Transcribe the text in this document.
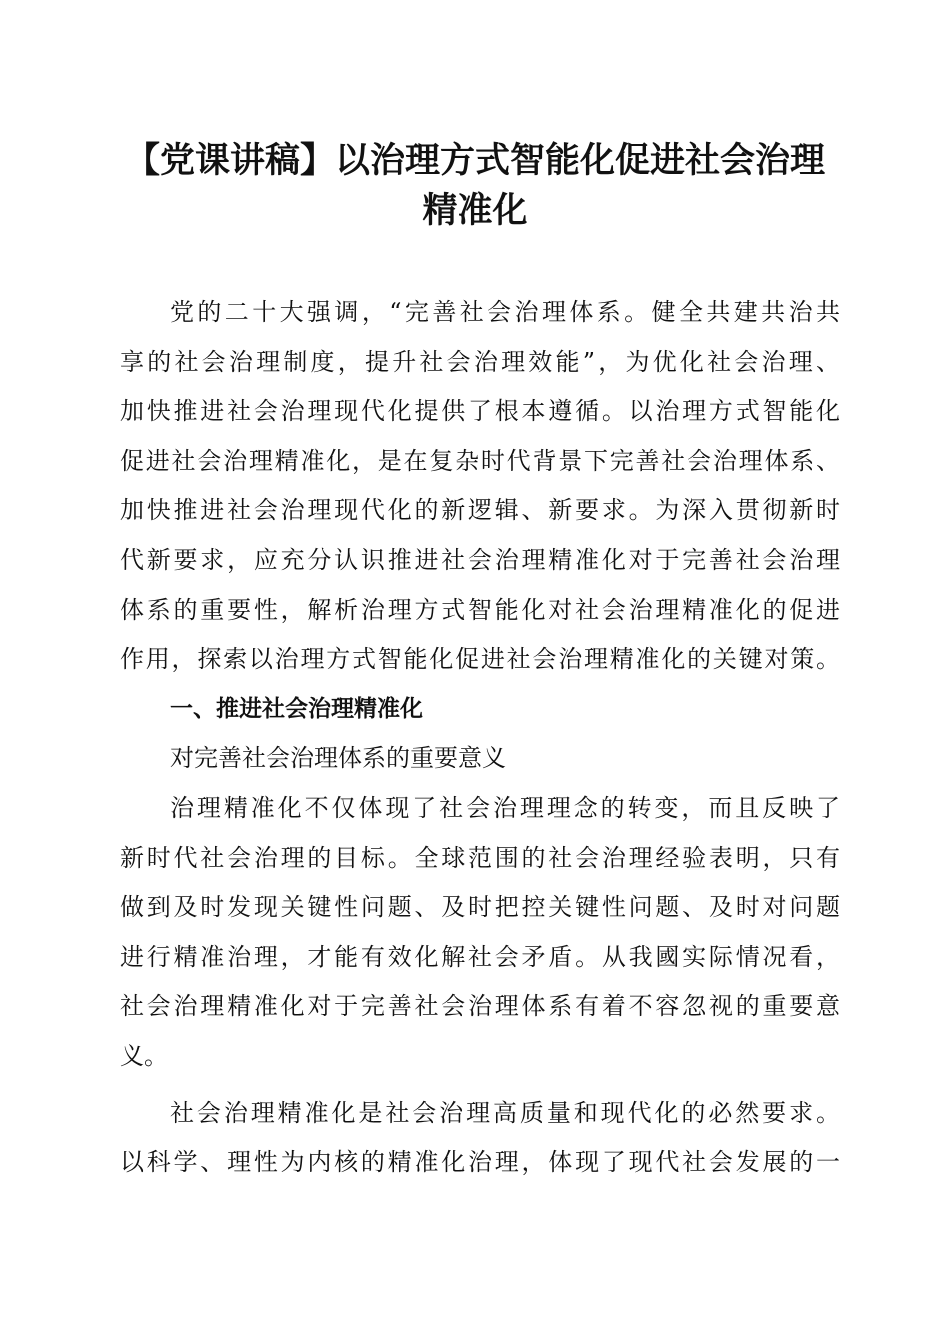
【党课讲稿】以治理方式智能化促进社会治理
精准化
党的二十大强调，“完善社会治理体系。健全共建共治共
享的社会治理制度，提升社会治理效能”，为优化社会治理、
加快推进社会治理现代化提供了根本遵循。以治理方式智能化
促进社会治理精准化，是在复杂时代背景下完善社会治理体系、
加快推进社会治理现代化的新逻辑、新要求。为深入贯彻新时
代新要求，应充分认识推进社会治理精准化对于完善社会治理
体系的重要性，解析治理方式智能化对社会治理精准化的促进
作用，探索以治理方式智能化促进社会治理精准化的关键对策。
一、推进社会治理精准化
对完善社会治理体系的重要意义
治理精准化不仅体现了社会治理理念的转变，而且反映了
新时代社会治理的目标。全球范围的社会治理经验表明，只有
做到及时发现关键性问题、及时把控关键性问题、及时对问题
进行精准治理，才能有效化解社会矛盾。从我國实际情况看，
社会治理精准化对于完善社会治理体系有着不容忽视的重要意
义。
社会治理精准化是社会治理高质量和现代化的必然要求。
以科学、理性为内核的精准化治理，体现了现代社会发展的一
